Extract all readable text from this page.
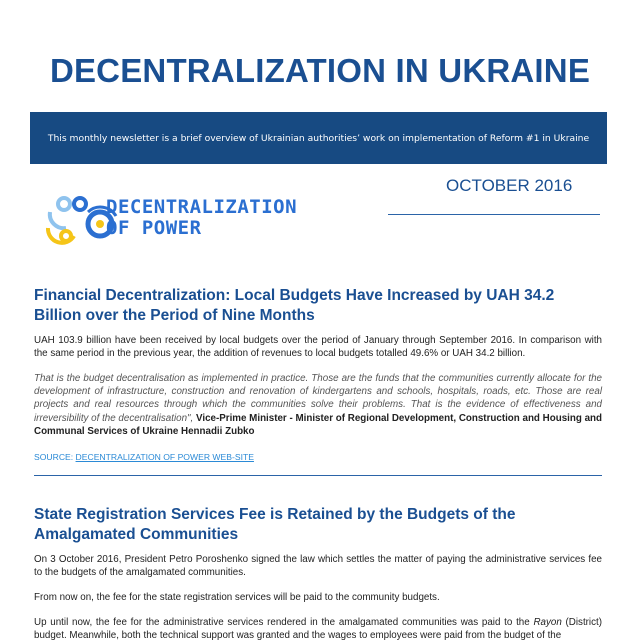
DECENTRALIZATION IN UKRAINE
This monthly newsletter is a brief overview of Ukrainian authorities’ work on implementation of Reform #1 in Ukraine
OCTOBER 2016
DECENTRALIZATION
OF POWER
Financial Decentralization: Local Budgets Have Increased by UAH 34.2 Billion over the Period of Nine Months

UAH 103.9 billion have been received by local budgets over the period of January through September 2016. In comparison with the same period in the previous year, the addition of revenues to local budgets totalled 49.6% or UAH 34.2 billion.

That is the budget decentralisation as implemented in practice. Those are the funds that the communities currently allocate for the development of infrastructure, construction and renovation of kindergartens and schools, hospitals, roads, etc. Those are real projects and real resources through which the communities solve their problems. That is the evidence of effectiveness and irreversibility of the decentralisation", Vice-Prime Minister - Minister of Regional Development, Construction and Housing and Communal Services of Ukraine Hennadii Zubko

SOURCE: DECENTRALIZATION OF POWER WEB-SITE
State Registration Services Fee is Retained by the Budgets of the Amalgamated Communities

On 3 October 2016, President Petro Poroshenko signed the law which settles the matter of paying the administrative services fee to the budgets of the amalgamated communities.

From now on, the fee for the state registration services will be paid to the community budgets.

Up until now, the fee for the administrative services rendered in the amalgamated communities was paid to the Rayon (District) budget. Meanwhile, both the technical support was granted and the wages to employees were paid from the budget of the
